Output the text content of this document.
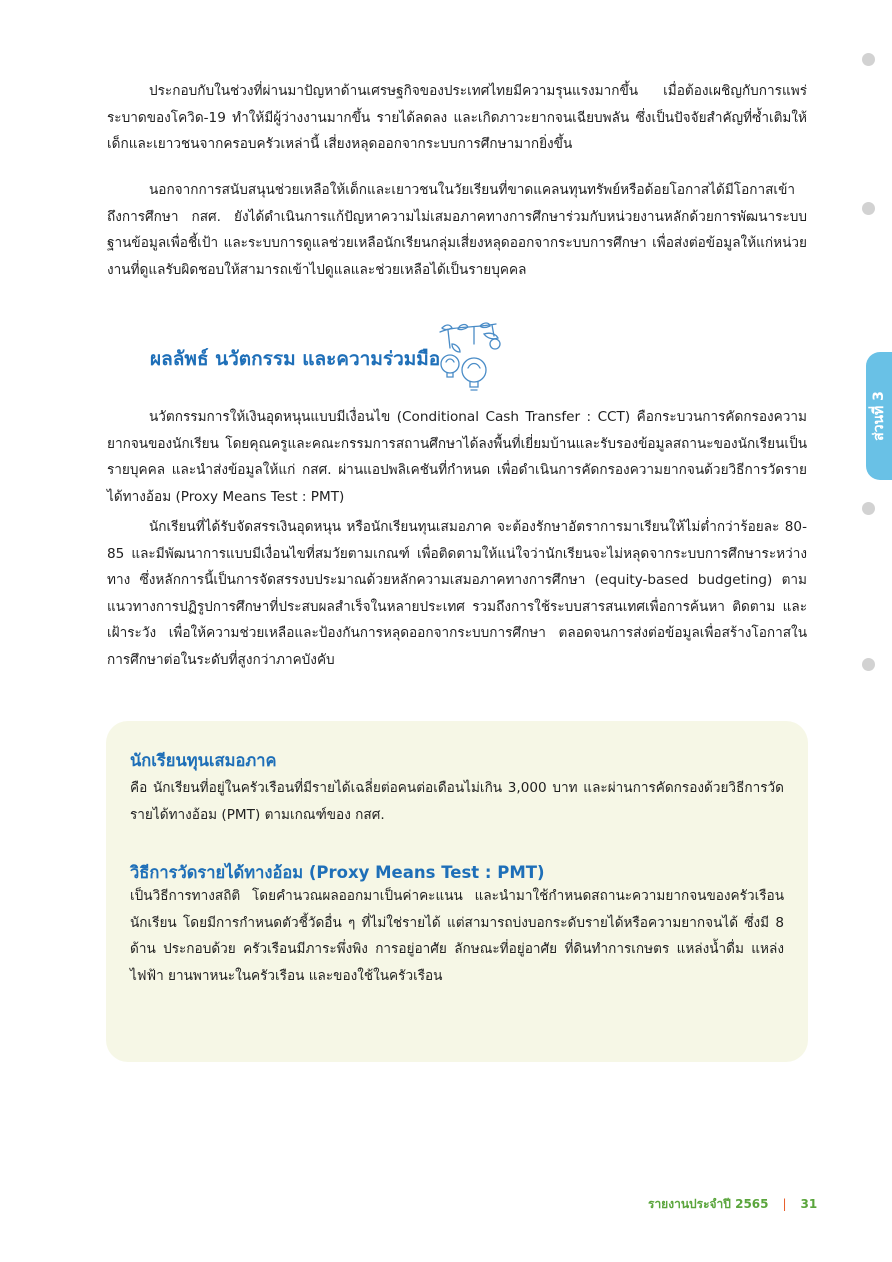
ส่วนที่ 3

ประกอบกับในช่วงที่ผ่านมาปัญหาด้านเศรษฐกิจของประเทศไทยมีความรุนแรงมากขึ้น เมื่อต้องเผชิญกับการแพร่ระบาดของโควิด-19 ทำให้มีผู้ว่างงานมากขึ้น รายได้ลดลง และเกิดภาวะยากจนเฉียบพลัน ซึ่งเป็นปัจจัยสำคัญที่ซ้ำเติมให้เด็กและเยาวชนจากครอบครัวเหล่านี้ เสี่ยงหลุดออกจากระบบการศึกษามากยิ่งขึ้น

นอกจากการสนับสนุนช่วยเหลือให้เด็กและเยาวชนในวัยเรียนที่ขาดแคลนทุนทรัพย์หรือด้อยโอกาสได้มีโอกาสเข้าถึงการศึกษา กสศ. ยังได้ดำเนินการแก้ปัญหาความไม่เสมอภาคทางการศึกษาร่วมกับหน่วยงานหลักด้วยการพัฒนาระบบฐานข้อมูลเพื่อชี้เป้า และระบบการดูแลช่วยเหลือนักเรียนกลุ่มเสี่ยงหลุดออกจากระบบการศึกษา เพื่อส่งต่อข้อมูลให้แก่หน่วยงานที่ดูแลรับผิดชอบให้สามารถเข้าไปดูแลและช่วยเหลือได้เป็นรายบุคคล

ผลลัพธ์ นวัตกรรม และความร่วมมือ

นวัตกรรมการให้เงินอุดหนุนแบบมีเงื่อนไข (Conditional Cash Transfer : CCT) คือกระบวนการคัดกรองความยากจนของนักเรียน โดยคุณครูและคณะกรรมการสถานศึกษาได้ลงพื้นที่เยี่ยมบ้านและรับรองข้อมูลสถานะของนักเรียนเป็นรายบุคคล และนำส่งข้อมูลให้แก่ กสศ. ผ่านแอปพลิเคชันที่กำหนด เพื่อดำเนินการคัดกรองความยากจนด้วยวิธีการวัดรายได้ทางอ้อม (Proxy Means Test : PMT)

นักเรียนที่ได้รับจัดสรรเงินอุดหนุน หรือนักเรียนทุนเสมอภาค จะต้องรักษาอัตราการมาเรียนให้ไม่ต่ำกว่าร้อยละ 80-85 และมีพัฒนาการแบบมีเงื่อนไขที่สมวัยตามเกณฑ์ เพื่อติดตามให้แน่ใจว่านักเรียนจะไม่หลุดจากระบบการศึกษาระหว่างทาง ซึ่งหลักการนี้เป็นการจัดสรรงบประมาณด้วยหลักความเสมอภาคทางการศึกษา (equity-based budgeting) ตามแนวทางการปฏิรูปการศึกษาที่ประสบผลสำเร็จในหลายประเทศ รวมถึงการใช้ระบบสารสนเทศเพื่อการค้นหา ติดตาม และเฝ้าระวัง เพื่อให้ความช่วยเหลือและป้องกันการหลุดออกจากระบบการศึกษา ตลอดจนการส่งต่อข้อมูลเพื่อสร้างโอกาสในการศึกษาต่อในระดับที่สูงกว่าภาคบังคับ

นักเรียนทุนเสมอภาค

คือ นักเรียนที่อยู่ในครัวเรือนที่มีรายได้เฉลี่ยต่อคนต่อเดือนไม่เกิน 3,000 บาท และผ่านการคัดกรองด้วยวิธีการวัดรายได้ทางอ้อม (PMT) ตามเกณฑ์ของ กสศ.

วิธีการวัดรายได้ทางอ้อม (Proxy Means Test : PMT)

เป็นวิธีการทางสถิติ โดยคำนวณผลออกมาเป็นค่าคะแนน และนำมาใช้กำหนดสถานะความยากจนของครัวเรือนนักเรียน โดยมีการกำหนดตัวชี้วัดอื่น ๆ ที่ไม่ใช่รายได้ แต่สามารถบ่งบอกระดับรายได้หรือความยากจนได้ ซึ่งมี 8 ด้าน ประกอบด้วย ครัวเรือนมีภาระพึ่งพิง การอยู่อาศัย ลักษณะที่อยู่อาศัย ที่ดินทำการเกษตร แหล่งน้ำดื่ม แหล่งไฟฟ้า ยานพาหนะในครัวเรือน และของใช้ในครัวเรือน

รายงานประจำปี 2565 | 31
